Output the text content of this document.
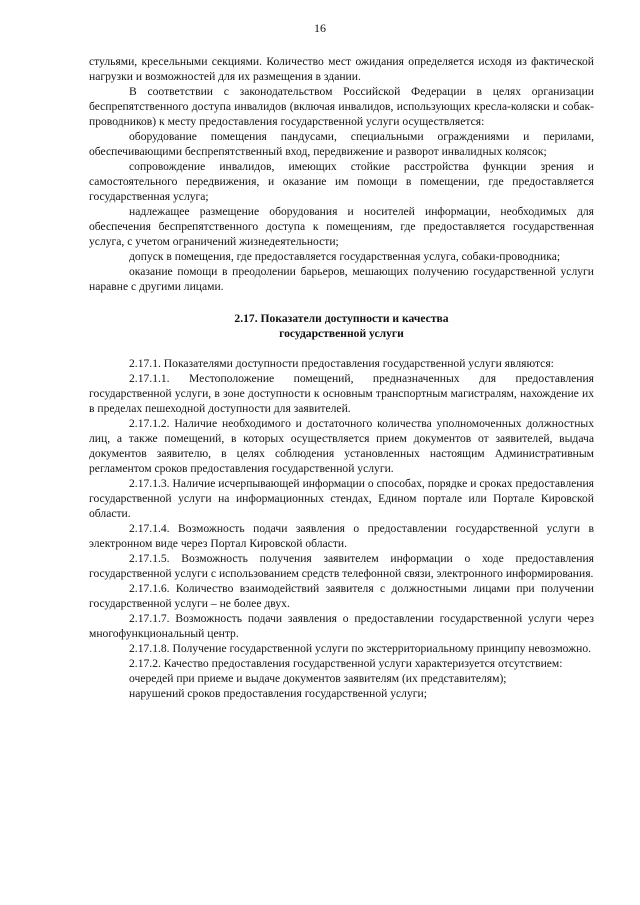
16

стульями, кресельными секциями. Количество мест ожидания определяется исходя из фактической нагрузки и возможностей для их размещения в здании.

В соответствии с законодательством Российской Федерации в целях организации беспрепятственного доступа инвалидов (включая инвалидов, использующих кресла-коляски и собак-проводников) к месту предоставления государственной услуги осуществляется:

оборудование помещения пандусами, специальными ограждениями и перилами, обеспечивающими беспрепятственный вход, передвижение и разворот инвалидных колясок;

сопровождение инвалидов, имеющих стойкие расстройства функции зрения и самостоятельного передвижения, и оказание им помощи в помещении, где предоставляется государственная услуга;

надлежащее размещение оборудования и носителей информации, необходимых для обеспечения беспрепятственного доступа к помещениям, где предоставляется государственная услуга, с учетом ограничений жизнедеятельности;

допуск в помещения, где предоставляется государственная услуга, собаки-проводника;

оказание помощи в преодолении барьеров, мешающих получению государственной услуги наравне с другими лицами.

2.17. Показатели доступности и качества
государственной услуги

2.17.1. Показателями доступности предоставления государственной услуги являются:

2.17.1.1. Местоположение помещений, предназначенных для предоставления государственной услуги, в зоне доступности к основным транспортным магистралям, нахождение их в пределах пешеходной доступности для заявителей.

2.17.1.2. Наличие необходимого и достаточного количества уполномоченных должностных лиц, а также помещений, в которых осуществляется прием документов от заявителей, выдача документов заявителю, в целях соблюдения установленных настоящим Административным регламентом сроков предоставления государственной услуги.

2.17.1.3. Наличие исчерпывающей информации о способах, порядке и сроках предоставления государственной услуги на информационных стендах, Едином портале или Портале Кировской области.

2.17.1.4. Возможность подачи заявления о предоставлении государственной услуги в электронном виде через Портал Кировской области.

2.17.1.5. Возможность получения заявителем информации о ходе предоставления государственной услуги с использованием средств телефонной связи, электронного информирования.

2.17.1.6. Количество взаимодействий заявителя с должностными лицами при получении государственной услуги – не более двух.

2.17.1.7. Возможность подачи заявления о предоставлении государственной услуги через многофункциональный центр.

2.17.1.8. Получение государственной услуги по экстерриториальному принципу невозможно.

2.17.2. Качество предоставления государственной услуги характеризуется отсутствием:

очередей при приеме и выдаче документов заявителям (их представителям);

нарушений сроков предоставления государственной услуги;
